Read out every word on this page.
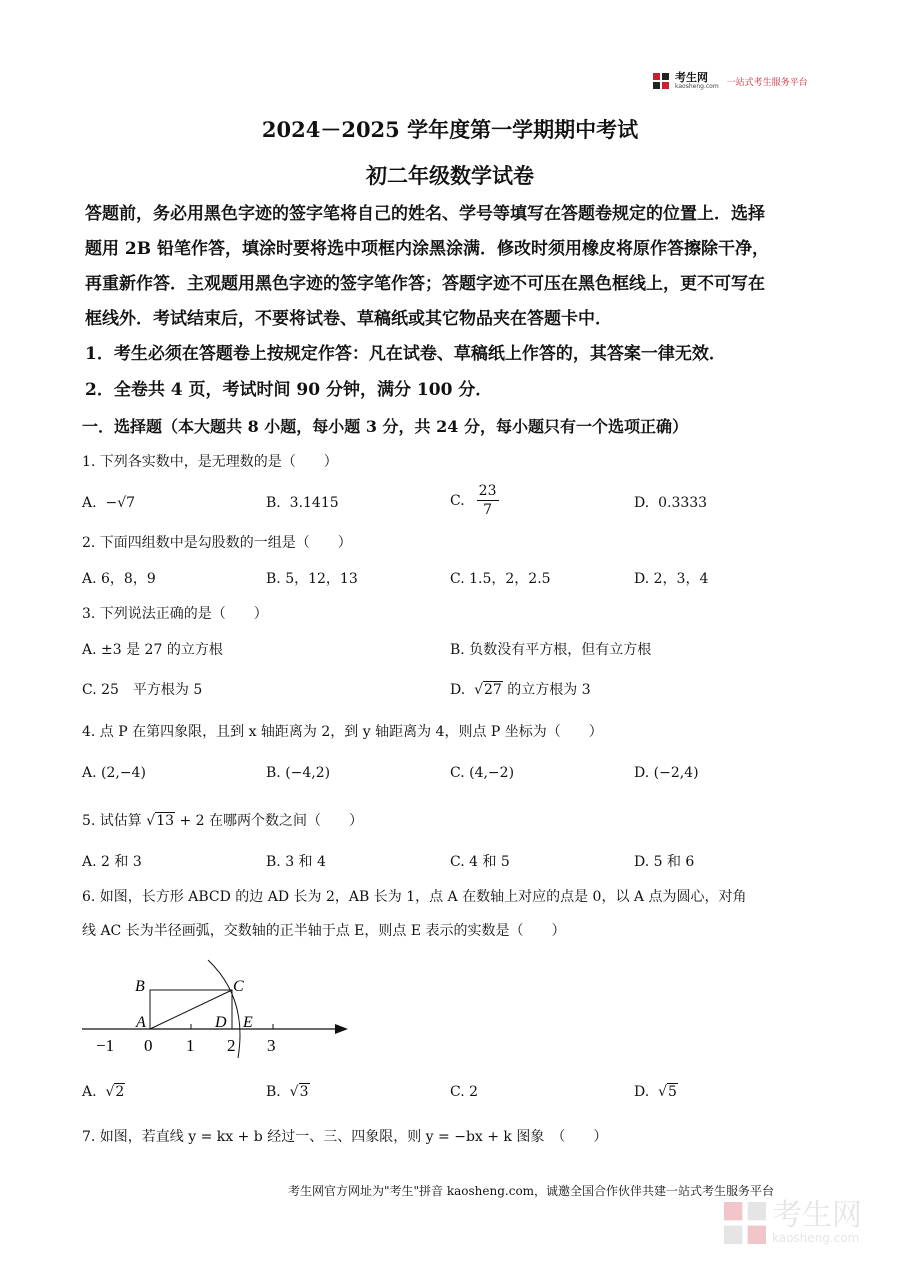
考生网
kaosheng.com 一站式考生服务平台
2024－2025 学年度第一学期期中考试
初二年级数学试卷
答题前，务必用黑色字迹的签字笔将自己的姓名、学号等填写在答题卷规定的位置上．选择
题用 2B 铅笔作答，填涂时要将选中项框内涂黑涂满．修改时须用橡皮将原作答擦除干净，
再重新作答．主观题用黑色字迹的签字笔作答；答题字迹不可压在黑色框线上，更不可写在
框线外．考试结束后，不要将试卷、草稿纸或其它物品夹在答题卡中．
1．考生必须在答题卷上按规定作答：凡在试卷、草稿纸上作答的，其答案一律无效．
2．全卷共 4 页，考试时间 90 分钟，满分 100 分．
一．选择题（本大题共 8 小题，每小题 3 分，共 24 分，每小题只有一个选项正确）
1. 下列各实数中，是无理数的是（　　）
A. −√7	B. 3.1415	C. $\frac{23}{7}$	D. 0.3333
2. 下面四组数中是勾股数的一组是（　　）
A. 6，8，9	B. 5，12，13	C. 1.5，2，2.5	D. 2，3，4
3. 下列说法正确的是（　　）
A. ±3 是 27 的立方根	B. 负数没有平方根，但有立方根
C. 25　平方根为 5	D.  √27 的立方根为 3
4. 点 P 在第四象限，且到 x 轴距离为 2，到 y 轴距离为 4，则点 P 坐标为（　　）
A. (2,−4)	B. (−4,2)	C. (4,−2)	D. (−2,4)
5. 试估算 √13 + 2 在哪两个数之间（　　）
A. 2 和 3	B. 3 和 4	C. 4 和 5	D. 5 和 6
6. 如图，长方形 ABCD 的边 AD 长为 2，AB 长为 1，点 A 在数轴上对应的点是 0，以 A 点为圆心，对角
线 AC 长为半径画弧，交数轴的正半轴于点 E，则点 E 表示的实数是（　　）
B	C
A	D E
−1 0 1 2 3
A.  √2	B.  √3	C. 2	D.  √5
7. 如图，若直线 y = kx + b 经过一、三、四象限，则 y = −bx + k 图象　（　　）
考生网官方网址为"考生"拼音 kaosheng.com，诚邀全国合作伙伴共建一站式考生服务平台
考生网
kaosheng.com
